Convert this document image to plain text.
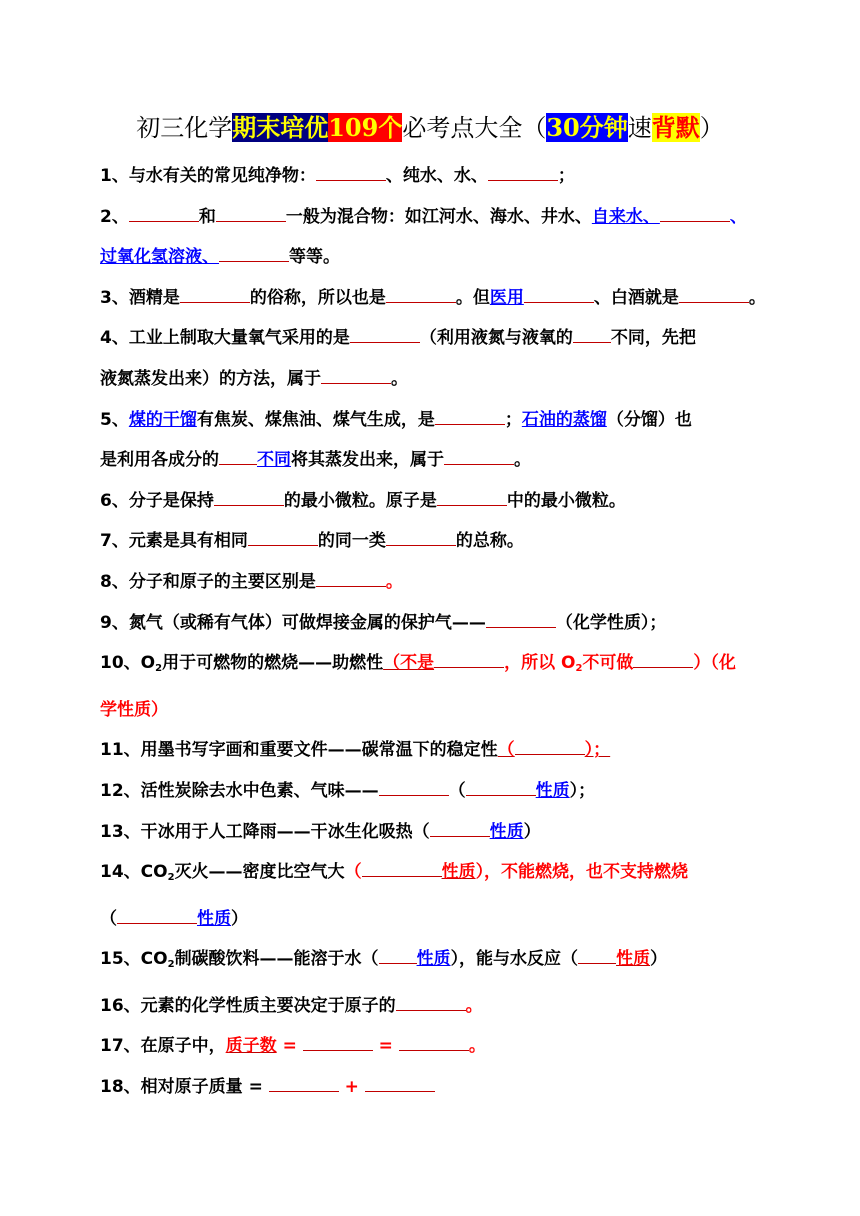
初三化学期末培优109个必考点大全（30分钟速背默）
1、与水有关的常见纯净物：	、纯水、水、	；
2、	和	一般为混合物：如江河水、海水、井水、自来水、	、
过氧化氢溶液、	等等。
3、酒精是	的俗称，所以也是	。但医用	、白酒就是	。
4、工业上制取大量氧气采用的是	（利用液氮与液氧的 不同，先把
液氮蒸发出来）的方法，属于	。
5、煤的干馏有焦炭、煤焦油、煤气生成，是	；石油的蒸馏（分馏）也
是利用各成分的 不同将其蒸发出来，属于	。
6、分子是保持	的最小微粒。原子是	中的最小微粒。
7、元素是具有相同	的同一类	的总称。
8、分子和原子的主要区别是	。
9、氮气（或稀有气体）可做焊接金属的保护气——	（化学性质）；
10、$O_2$用于可燃物的燃烧——助燃性（不是	，所以 $O_2$不可做	）（化
学性质）
11、用墨书写字画和重要文件——碳常温下的稳定性（	）；
12、活性炭除去水中色素、气味——	（	性质）；
13、干冰用于人工降雨——干冰生化吸热（	性质）
14、$CO_2$灭火——密度比空气大（	性质），不能燃烧，也不支持燃烧
（	性质）
15、$CO_2$制碳酸饮料——能溶于水（ 性质），能与水反应（ 性质）
16、元素的化学性质主要决定于原子的	。
17、在原子中，质子数 =	=	。
18、相对原子质量 =	+
